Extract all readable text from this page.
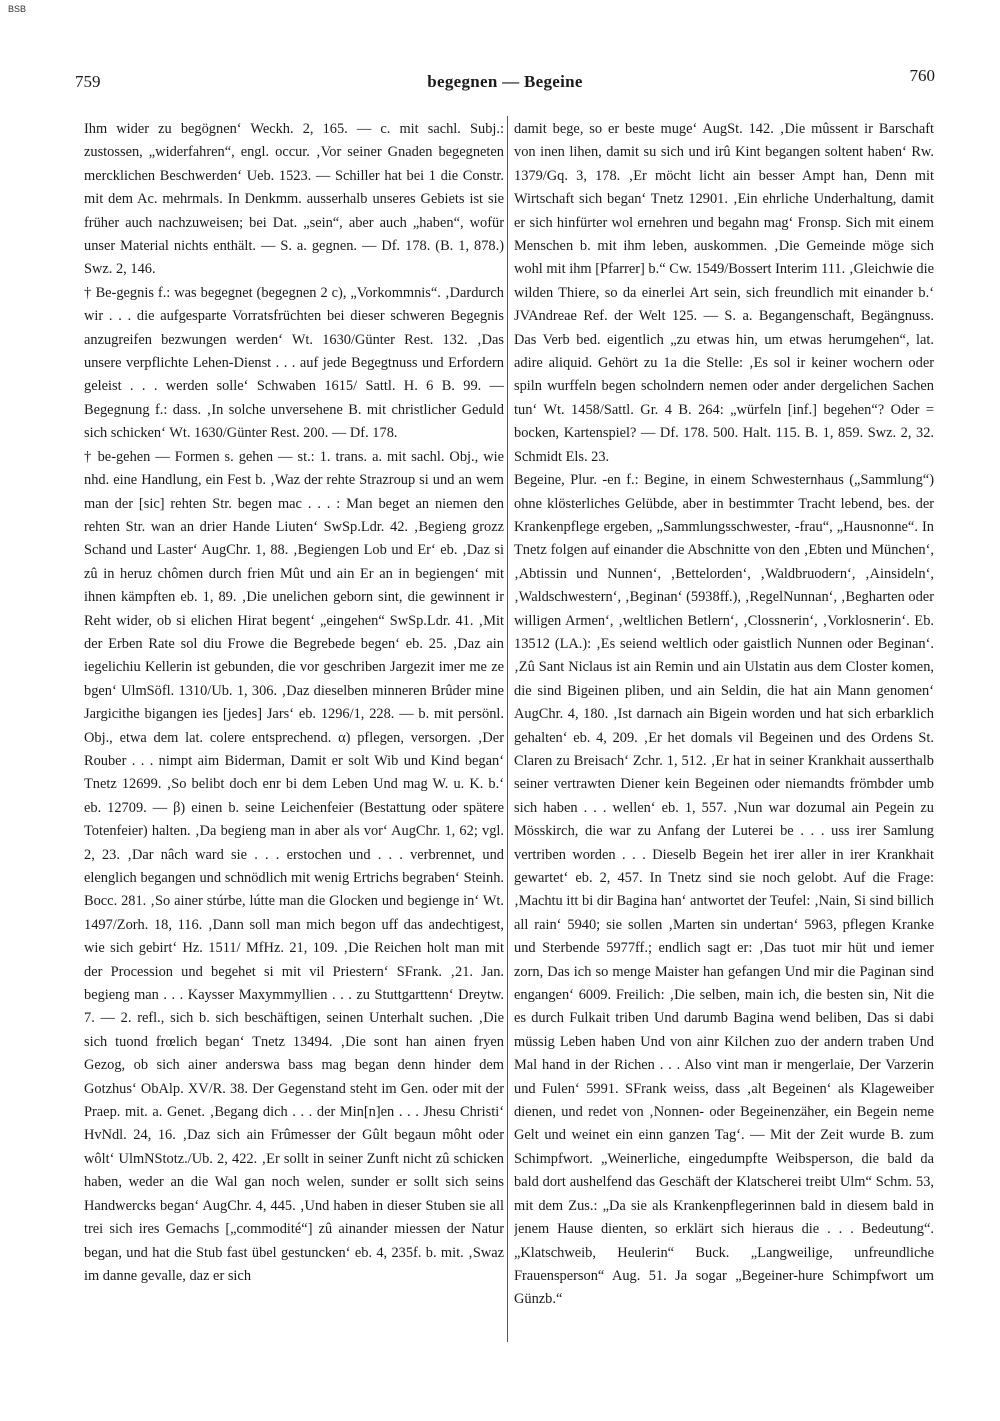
BSB
759	begegnen — Begeine	760

Ihm wider zu begögnen‘ Weckh. 2, 165. — c. mit sachl. Subj.: zustossen, „widerfahren“, engl. occur. ‚Vor seiner Gnaden begegneten mercklichen Beschwerden‘ Ueb. 1523. — Schiller hat bei 1 die Constr. mit dem Ac. mehrmals. In Denkmm. ausserhalb unseres Gebiets ist sie früher auch nachzuweisen; bei Dat. „sein“, aber auch „haben“, wofür unser Material nichts enthält. — S. a. gegnen. — Df. 178. (B. 1, 878.) Swz. 2, 146.

† Be-gegnis f.: was begegnet (begegnen 2 c), „Vorkommnis“. ‚Dardurch wir . . . die aufgesparte Vorratsfrüchten bei dieser schweren Begegnis anzugreifen bezwungen werden‘ Wt. 1630/Günter Rest. 132. ‚Das unsere verpflichte Lehen-Dienst . . . auf jede Begegtnuss und Erfordern geleist . . . werden solle‘ Schwaben 1615/ Sattl. H. 6 B. 99. — Begegnung f.: dass. ‚In solche unversehene B. mit christlicher Geduld sich schicken‘ Wt. 1630/Günter Rest. 200. — Df. 178.

† be-gehen — Formen s. gehen — st.: 1. trans. a. mit sachl. Obj., wie nhd. eine Handlung, ein Fest b. ‚Waz der rehte Strazroup si und an wem man der [sic] rehten Str. begen mac . . . : Man beget an niemen den rehten Str. wan an drier Hande Liuten‘ SwSp.Ldr. 42. ‚Begieng grozz Schand und Laster‘ AugChr. 1, 88. ‚Begiengen Lob und Er‘ eb. ‚Daz si zû in heruz chômen durch frien Mût und ain Er an in begiengen‘ mit ihnen kämpften eb. 1, 89. ‚Die unelichen geborn sint, die gewinnent ir Reht wider, ob si elichen Hirat begent‘ „eingehen“ SwSp.Ldr. 41. ‚Mit der Erben Rate sol diu Frowe die Begrebede begen‘ eb. 25. ‚Daz ain iegelichiu Kellerin ist gebunden, die vor geschriben Jargezit imer me ze bgen‘ UlmSöfl. 1310/Ub. 1, 306. ‚Daz dieselben minneren Brûder mine Jargicithe bigangen ies [jedes] Jars‘ eb. 1296/1, 228. — b. mit persönl. Obj., etwa dem lat. colere entsprechend. α) pflegen, versorgen. ‚Der Rouber . . . nimpt aim Biderman, Damit er solt Wib und Kind began‘ Tnetz 12699. ‚So belibt doch enr bi dem Leben Und mag W. u. K. b.‘ eb. 12709. — β) einen b. seine Leichenfeier (Bestattung oder spätere Totenfeier) halten. ‚Da begieng man in aber als vor‘ AugChr. 1, 62; vgl. 2, 23. ‚Dar nâch ward sie . . . erstochen und . . . verbrennet, und elenglich begangen und schnödlich mit wenig Ertrichs begraben‘ Steinh. Bocc. 281. ‚So ainer stúrbe, lútte man die Glocken und begienge in‘ Wt. 1497/Zorh. 18, 116. ‚Dann soll man mich begon uff das andechtigest, wie sich gebirt‘ Hz. 1511/ MfHz. 21, 109. ‚Die Reichen holt man mit der Procession und begehet si mit vil Priestern‘ SFrank. ‚21. Jan. begieng man . . . Kaysser Maxymmyllien . . . zu Stuttgarttenn‘ Dreytw. 7. — 2. refl., sich b. sich beschäftigen, seinen Unterhalt suchen. ‚Die sich tuond frœlich began‘ Tnetz 13494. ‚Die sont han ainen fryen Gezog, ob sich ainer anderswa bass mag began denn hinder dem Gotzhus‘ ObAlp. XV/R. 38. Der Gegenstand steht im Gen. oder mit der Praep. mit. a. Genet. ‚Begang dich . . . der Min[n]en . . . Jhesu Christi‘ HvNdl. 24, 16. ‚Daz sich ain Frûmesser der Gûlt begaun môht oder wôlt‘ UlmNStotz./Ub. 2, 422. ‚Er sollt in seiner Zunft nicht zû schicken haben, weder an die Wal gan noch welen, sunder er sollt sich seins Handwercks began‘ AugChr. 4, 445. ‚Und haben in dieser Stuben sie all trei sich ires Gemachs [„commodité“] zû ainander miessen der Natur began, und hat die Stub fast übel gestuncken‘ eb. 4, 235f. b. mit. ‚Swaz im danne gevalle, daz er sich

damit bege, so er beste muge‘ AugSt. 142. ‚Die mûssent ir Barschaft von inen lihen, damit su sich und irû Kint begangen soltent haben‘ Rw. 1379/Gq. 3, 178. ‚Er möcht licht ain besser Ampt han, Denn mit Wirtschaft sich began‘ Tnetz 12901. ‚Ein ehrliche Underhaltung, damit er sich hinfürter wol ernehren und begahn mag‘ Fronsp. Sich mit einem Menschen b. mit ihm leben, auskommen. ‚Die Gemeinde möge sich wohl mit ihm [Pfarrer] b.“ Cw. 1549/Bossert Interim 111. ‚Gleichwie die wilden Thiere, so da einerlei Art sein, sich freundlich mit einander b.‘ JVAndreae Ref. der Welt 125. — S. a. Begangenschaft, Begängnuss. Das Verb bed. eigentlich „zu etwas hin, um etwas herumgehen“, lat. adire aliquid. Gehört zu 1a die Stelle: ‚Es sol ir keiner wochern oder spiln wurffeln begen scholndern nemen oder ander dergelichen Sachen tun‘ Wt. 1458/Sattl. Gr. 4 B. 264: „würfeln [inf.] begehen“? Oder = bocken, Kartenspiel? — Df. 178. 500. Halt. 115. B. 1, 859. Swz. 2, 32. Schmidt Els. 23.

Begeine, Plur. -en f.: Begine, in einem Schwesternhaus („Sammlung“) ohne klösterliches Gelübde, aber in bestimmter Tracht lebend, bes. der Krankenpflege ergeben, „Sammlungsschwester, -frau“, „Hausnonne“. In Tnetz folgen auf einander die Abschnitte von den ‚Ebten und München‘, ‚Abtissin und Nunnen‘, ‚Bettelorden‘, ‚Waldbruodern‘, ‚Ainsideln‘, ‚Waldschwestern‘, ‚Beginan‘ (5938ff.), ‚RegelNunnan‘, ‚Begharten oder willigen Armen‘, ‚weltlichen Betlern‘, ‚Clossnerin‘, ‚Vorklosnerin‘. Eb. 13512 (LA.): ‚Es seiend weltlich oder gaistlich Nunnen oder Beginan‘. ‚Zû Sant Niclaus ist ain Remin und ain Ulstatin aus dem Closter komen, die sind Bigeinen pliben, und ain Seldin, die hat ain Mann genomen‘ AugChr. 4, 180. ‚Ist darnach ain Bigein worden und hat sich erbarklich gehalten‘ eb. 4, 209. ‚Er het domals vil Begeinen und des Ordens St. Claren zu Breisach‘ Zchr. 1, 512. ‚Er hat in seiner Krankhait ausserthalb seiner vertrawten Diener kein Begeinen oder niemandts frömbder umb sich haben . . . wellen‘ eb. 1, 557. ‚Nun war dozumal ain Pegein zu Mösskirch, die war zu Anfang der Luterei be . . . uss irer Samlung vertriben worden . . . Dieselb Begein het irer aller in irer Krankhait gewartet‘ eb. 2, 457. In Tnetz sind sie noch gelobt. Auf die Frage: ‚Machtu itt bi dir Bagina han‘ antwortet der Teufel: ‚Nain, Si sind billich all rain‘ 5940; sie sollen ‚Marten sin undertan‘ 5963, pflegen Kranke und Sterbende 5977ff.; endlich sagt er: ‚Das tuot mir hüt und iemer zorn, Das ich so menge Maister han gefangen Und mir die Paginan sind engangen‘ 6009. Freilich: ‚Die selben, main ich, die besten sin, Nit die es durch Fulkait triben Und darumb Bagina wend beliben, Das si dabi müssig Leben haben Und von ainr Kilchen zuo der andern traben Und Mal hand in der Richen . . . Also vint man ir mengerlaie, Der Varzerin und Fulen‘ 5991. SFrank weiss, dass ‚alt Begeinen‘ als Klageweiber dienen, und redet von ‚Nonnen- oder Begeinenzäher, ein Begein neme Gelt und weinet ein einn ganzen Tag‘. — Mit der Zeit wurde B. zum Schimpfwort. „Weinerliche, eingedumpfte Weibsperson, die bald da bald dort aushelfend das Geschäft der Klatscherei treibt Ulm“ Schm. 53, mit dem Zus.: „Da sie als Krankenpflegerinnen bald in diesem bald in jenem Hause dienten, so erklärt sich hieraus die . . . Bedeutung“. „Klatschweib, Heulerin“ Buck. „Langweilige, unfreundliche Frauensperson“ Aug. 51. Ja sogar „Begeiner-hure Schimpfwort um Günzb.“
